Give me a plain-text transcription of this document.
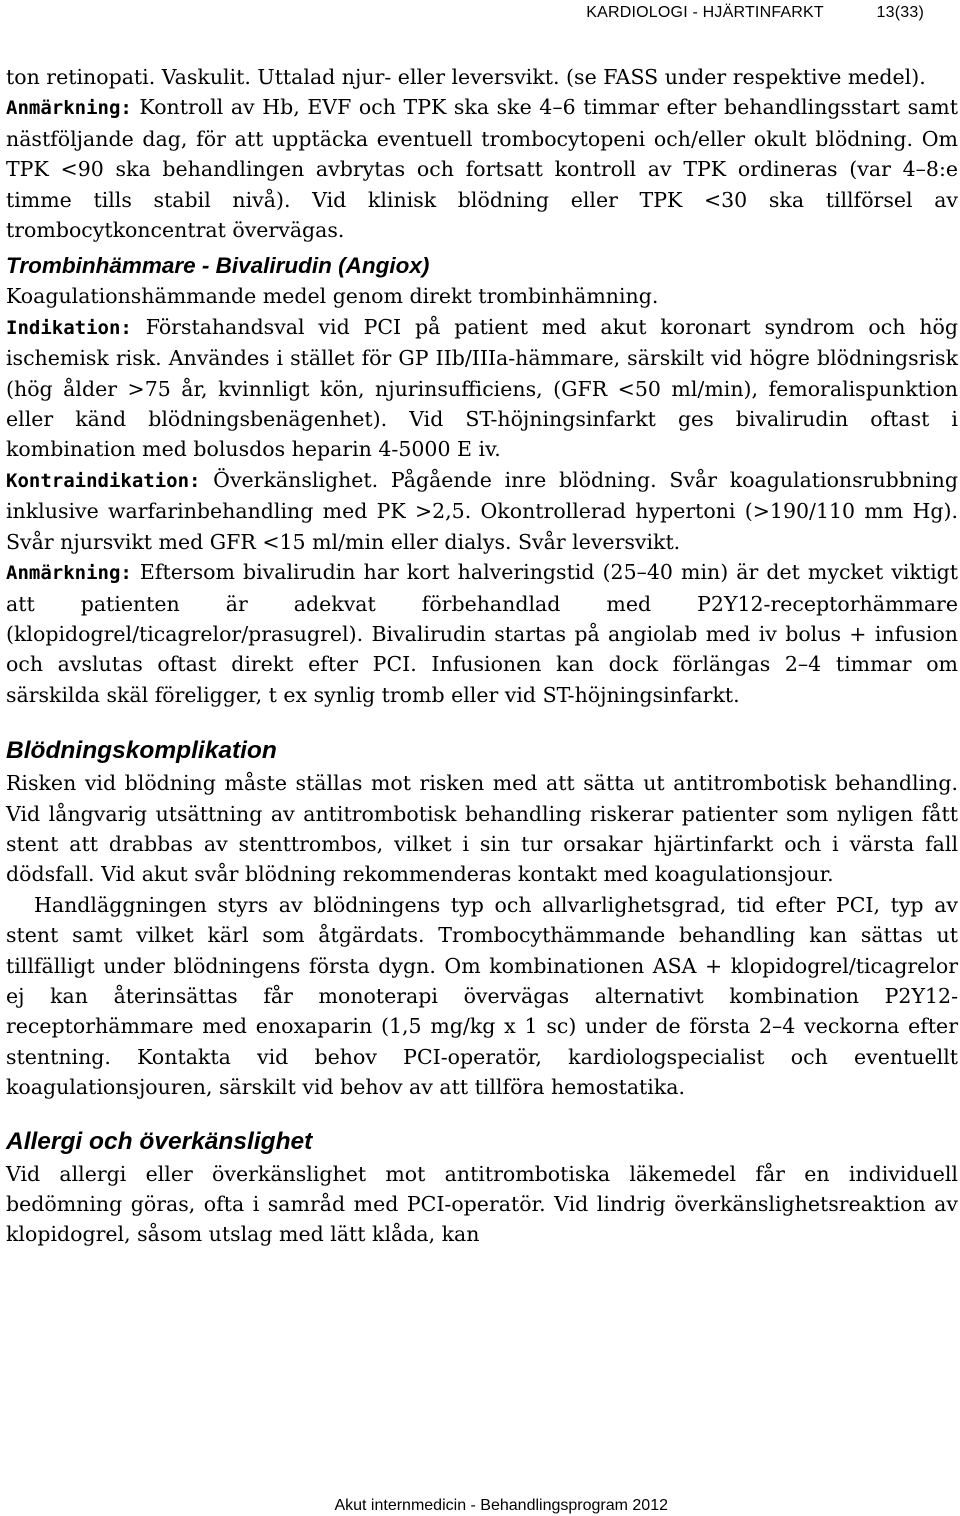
KARDIOLOGI - HJÄRTINFARKT	13(33)

ton retinopati. Vaskulit. Uttalad njur- eller leversvikt. (se FASS under respektive medel).

Anmärkning: Kontroll av Hb, EVF och TPK ska ske 4–6 timmar efter behandlingsstart samt nästföljande dag, för att upptäcka eventuell trombocytopeni och/eller okult blödning. Om TPK <90 ska behandlingen avbrytas och fortsatt kontroll av TPK ordineras (var 4–8:e timme tills stabil nivå). Vid klinisk blödning eller TPK <30 ska tillförsel av trombocytkoncentrat övervägas.

Trombinhämmare - Bivalirudin (Angiox)

Koagulationshämmande medel genom direkt trombinhämning.

Indikation: Förstahandsval vid PCI på patient med akut koronart syndrom och hög ischemisk risk. Användes i stället för GP IIb/IIIa-hämmare, särskilt vid högre blödningsrisk (hög ålder >75 år, kvinnligt kön, njurinsufficiens, (GFR <50 ml/min), femoralispunktion eller känd blödningsbenägenhet). Vid ST-höjningsinfarkt ges bivalirudin oftast i kombination med bolusdos heparin 4-5000 E iv.

Kontraindikation: Överkänslighet. Pågående inre blödning. Svår koagulationsrubbning inklusive warfarinbehandling med PK >2,5. Okontrollerad hypertoni (>190/110 mm Hg). Svår njursvikt med GFR <15 ml/min eller dialys. Svår leversvikt.

Anmärkning: Eftersom bivalirudin har kort halveringstid (25–40 min) är det mycket viktigt att patienten är adekvat förbehandlad med P2Y12-receptorhämmare (klopidogrel/ticagrelor/prasugrel). Bivalirudin startas på angiolab med iv bolus + infusion och avslutas oftast direkt efter PCI. Infusionen kan dock förlängas 2–4 timmar om särskilda skäl föreligger, t ex synlig tromb eller vid ST-höjningsinfarkt.

Blödningskomplikation

Risken vid blödning måste ställas mot risken med att sätta ut antitrombotisk behandling. Vid långvarig utsättning av antitrombotisk behandling riskerar patienter som nyligen fått stent att drabbas av stenttrombos, vilket i sin tur orsakar hjärtinfarkt och i värsta fall dödsfall. Vid akut svår blödning rekommenderas kontakt med koagulationsjour.

Handläggningen styrs av blödningens typ och allvarlighetsgrad, tid efter PCI, typ av stent samt vilket kärl som åtgärdats. Trombocythämmande behandling kan sättas ut tillfälligt under blödningens första dygn. Om kombinationen ASA + klopidogrel/ticagrelor ej kan återinsättas får monoterapi övervägas alternativt kombination P2Y12-receptorhämmare med enoxaparin (1,5 mg/kg x 1 sc) under de första 2–4 veckorna efter stentning. Kontakta vid behov PCI-operatör, kardiologspecialist och eventuellt koagulationsjouren, särskilt vid behov av att tillföra hemostatika.

Allergi och överkänslighet

Vid allergi eller överkänslighet mot antitrombotiska läkemedel får en individuell bedömning göras, ofta i samråd med PCI-operatör. Vid lindrig överkänslighetsreaktion av klopidogrel, såsom utslag med lätt klåda, kan

Akut internmedicin - Behandlingsprogram 2012
